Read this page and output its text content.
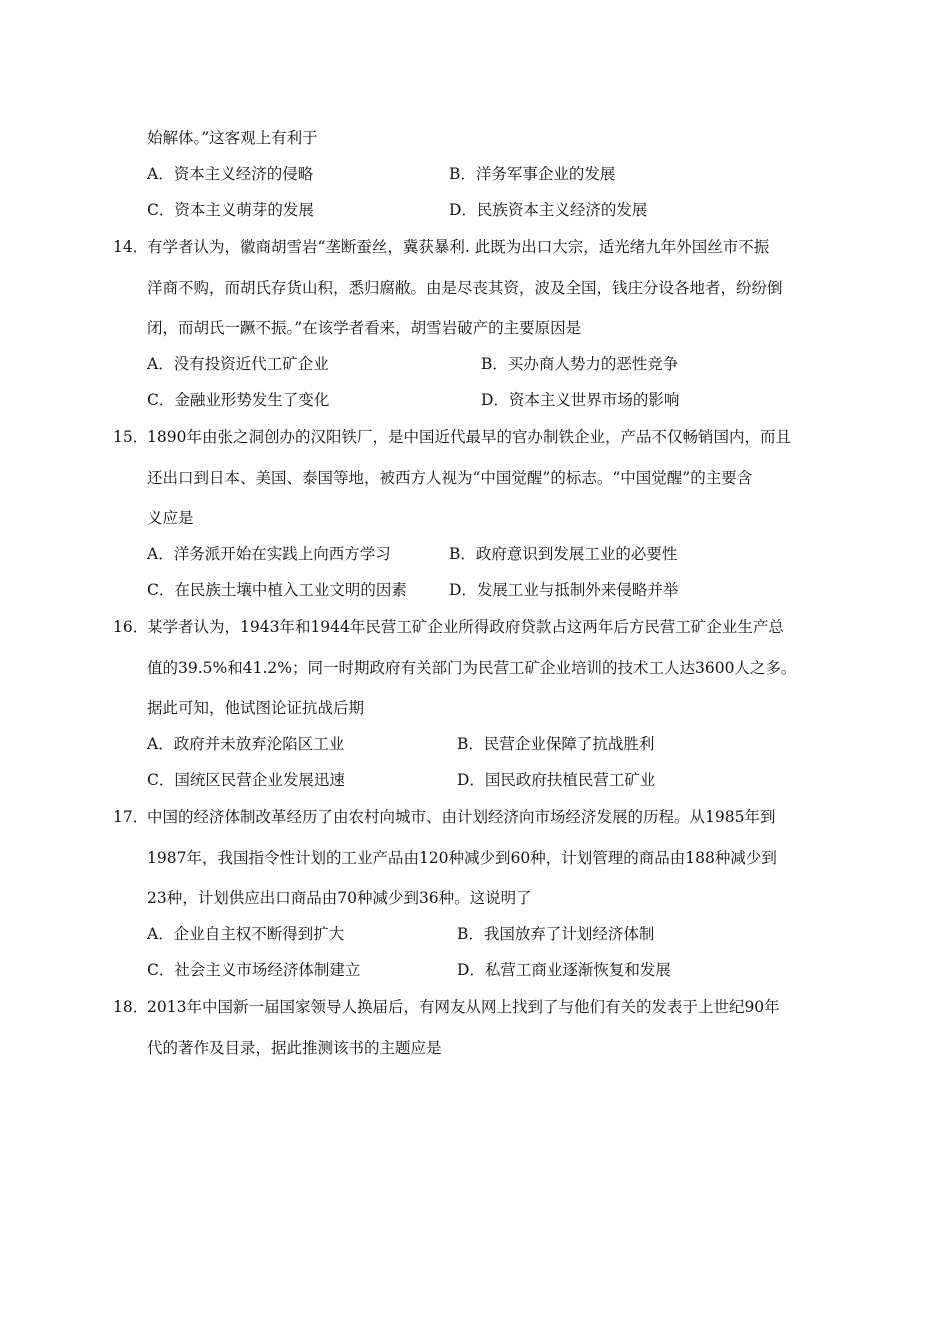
始解体。”这客观上有利于
A．资本主义经济的侵略	B．洋务军事企业的发展
C．资本主义萌芽的发展	D．民族资本主义经济的发展
14．
有学者认为，徽商胡雪岩“垄断蚕丝，冀获暴利. 此既为出口大宗，适光绪九年外国丝市不振
洋商不购，而胡氏存货山积，悉归腐敝。由是尽丧其资，波及全国，钱庄分设各地者，纷纷倒
闭，而胡氏一蹶不振。”在该学者看来，胡雪岩破产的主要原因是
A．没有投资近代工矿企业	B．买办商人势力的恶性竞争
C．金融业形势发生了变化	D．资本主义世界市场的影响
15．
1890年由张之洞创办的汉阳铁厂，是中国近代最早的官办制铁企业，产品不仅畅销国内，而且
还出口到日本、美国、泰国等地，被西方人视为“中国觉醒”的标志。“中国觉醒”的主要含
义应是
A．洋务派开始在实践上向西方学习	B．政府意识到发展工业的必要性
C．在民族土壤中植入工业文明的因素	D．发展工业与抵制外来侵略并举
16．
某学者认为，1943年和1944年民营工矿企业所得政府贷款占这两年后方民营工矿企业生产总
值的39.5%和41.2%；同一时期政府有关部门为民营工矿企业培训的技术工人达3600人之多。
据此可知，他试图论证抗战后期
A．政府并未放弃沦陷区工业	B．民营企业保障了抗战胜利
C．国统区民营企业发展迅速	D．国民政府扶植民营工矿业
17．
中国的经济体制改革经历了由农村向城市、由计划经济向市场经济发展的历程。从1985年到
1987年，我国指令性计划的工业产品由120种减少到60种，计划管理的商品由188种减少到
23种，计划供应出口商品由70种减少到36种。这说明了
A．企业自主权不断得到扩大	B．我国放弃了计划经济体制
C．社会主义市场经济体制建立	D．私营工商业逐渐恢复和发展
18．
2013年中国新一届国家领导人换届后，有网友从网上找到了与他们有关的发表于上世纪90年
代的著作及目录，据此推测该书的主题应是
